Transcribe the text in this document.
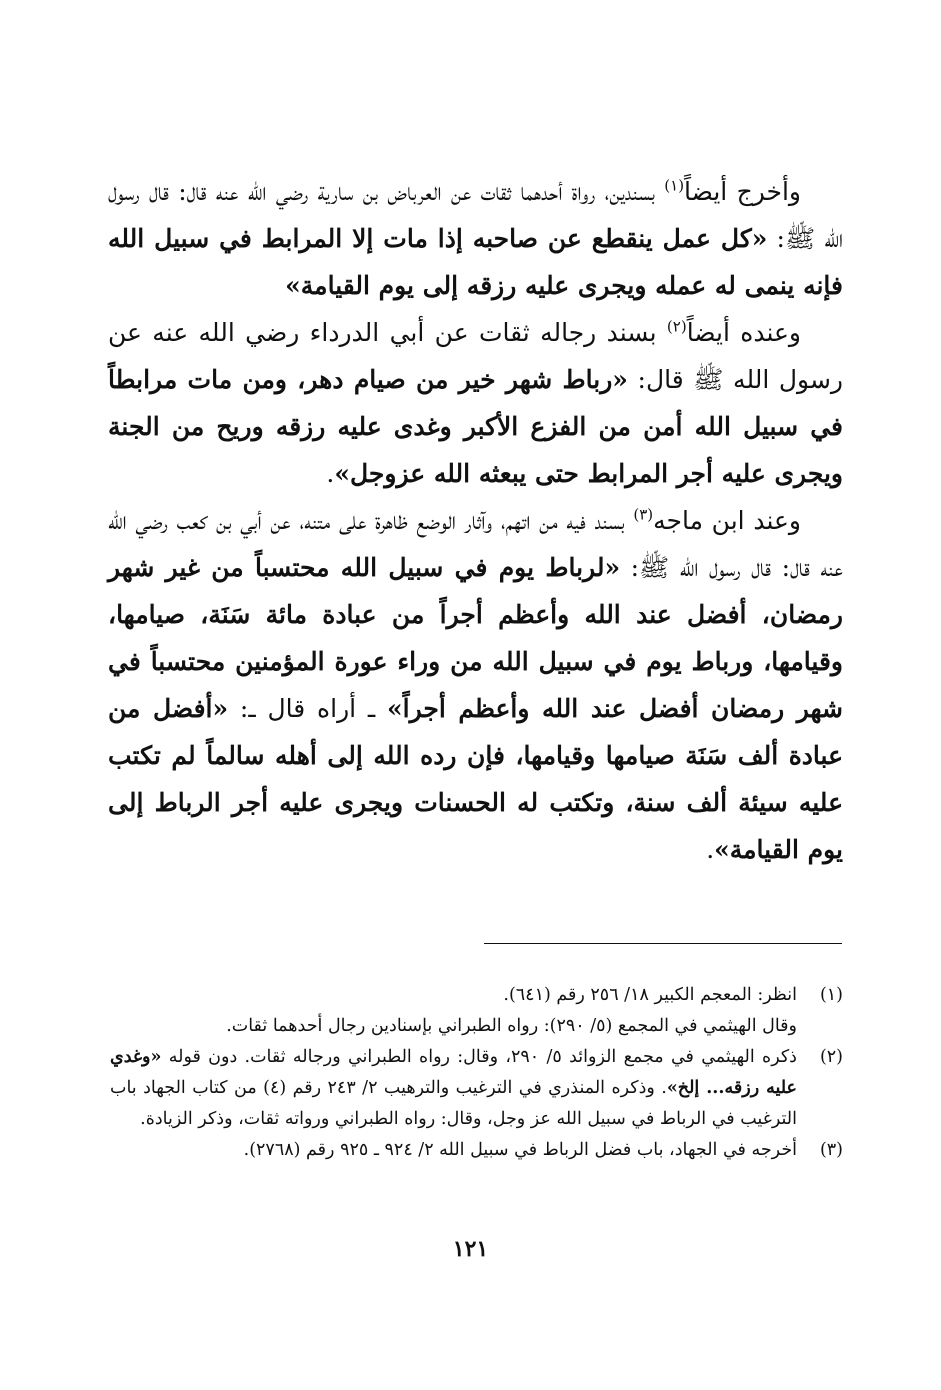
وأخرج أيضاً$^{(١)}$ بسندين، رواة أحدهما ثقات عن العرباض بن سارية رضي الله عنه قال: قال رسول الله ﷺ: «كل عمل ينقطع عن صاحبه إذا مات إلا المرابط في سبيل الله فإنه ينمى له عمله ويجرى عليه رزقه إلى يوم القيامة»

وعنده أيضاً$^{(٢)}$ بسند رجاله ثقات عن أبي الدرداء رضي الله عنه عن رسول الله ﷺ قال: «رباط شهر خير من صيام دهر، ومن مات مرابطاً في سبيل الله أمن من الفزع الأكبر وغدى عليه رزقه وريح من الجنة ويجرى عليه أجر المرابط حتى يبعثه الله عزوجل».

وعند ابن ماجه$^{(٣)}$ بسند فيه من اتهم، وآثار الوضع ظاهرة على متنه، عن أبي بن كعب رضي الله عنه قال: قال رسول الله ﷺ: «لرباط يوم في سبيل الله محتسباً من غير شهر رمضان، أفضل عند الله وأعظم أجراً من عبادة مائة سَنَة، صيامها، وقيامها، ورباط يوم في سبيل الله من وراء عورة المؤمنين محتسباً في شهر رمضان أفضل عند الله وأعظم أجراً» ـ أراه قال ـ: «أفضل من عبادة ألف سَنَة صيامها وقيامها، فإن رده الله إلى أهله سالماً لم تكتب عليه سيئة ألف سنة، وتكتب له الحسنات ويجرى عليه أجر الرباط إلى يوم القيامة».

(١)

انظر: المعجم الكبير ١٨/ ٢٥٦ رقم (٦٤١).

وقال الهيثمي في المجمع (٥/ ٢٩٠): رواه الطبراني بإسنادين رجال أحدهما ثقات.

(٢)

ذكره الهيثمي في مجمع الزوائد ٥/ ٢٩٠، وقال: رواه الطبراني ورجاله ثقات. دون قوله «وغدي عليه رزقه... إلخ». وذكره المنذري في الترغيب والترهيب ٢/ ٢٤٣ رقم (٤) من كتاب الجهاد باب الترغيب في الرباط في سبيل الله عز وجل، وقال: رواه الطبراني ورواته ثقات، وذكر الزيادة.

(٣)

أخرجه في الجهاد، باب فضل الرباط في سبيل الله ٢/ ٩٢٤ ـ ٩٢٥ رقم (٢٧٦٨).

١٢١
